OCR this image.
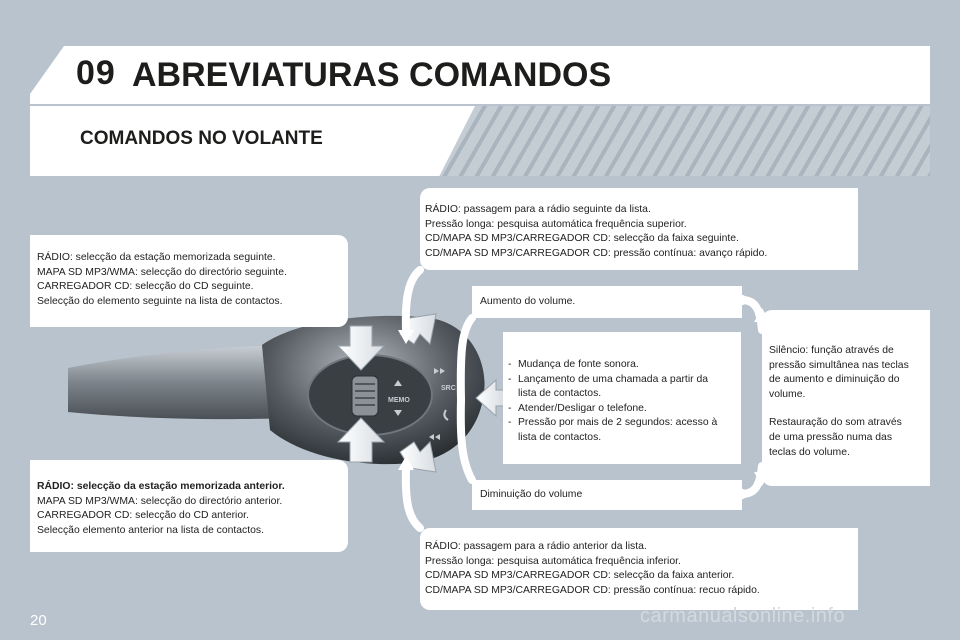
09 ABREVIATURAS COMANDOS
COMANDOS NO VOLANTE
MEMO
SRC

RÁDIO: selecção da estação memorizada seguinte.

MAPA SD MP3/WMA: selecção do directório seguinte.

CARREGADOR CD: selecção do CD seguinte.

Selecção do elemento seguinte na lista de contactos.

RÁDIO: selecção da estação memorizada anterior.

MAPA SD MP3/WMA: selecção do directório anterior.

CARREGADOR CD: selecção do CD anterior.

Selecção elemento anterior na lista de contactos.

RÁDIO: passagem para a rádio seguinte da lista.

Pressão longa: pesquisa automática frequência superior.

CD/MAPA SD MP3/CARREGADOR CD: selecção da faixa seguinte.

CD/MAPA SD MP3/CARREGADOR CD: pressão contínua: avanço rápido.

RÁDIO: passagem para a rádio anterior da lista.

Pressão longa: pesquisa automática frequência inferior.

CD/MAPA SD MP3/CARREGADOR CD: selecção da faixa anterior.

CD/MAPA SD MP3/CARREGADOR CD: pressão contínua: recuo rápido.

Aumento do volume.

Diminuição do volume

- Mudança de fonte sonora.
- Lançamento de uma chamada a partir da
lista de contactos.
- Atender/Desligar o telefone.
- Pressão por mais de 2 segundos: acesso à
lista de contactos.

Silêncio: função através de

pressão simultânea nas teclas

de aumento e diminuição do

volume.

Restauração do som através

de uma pressão numa das

teclas do volume.

20	carmanualsonline.info
